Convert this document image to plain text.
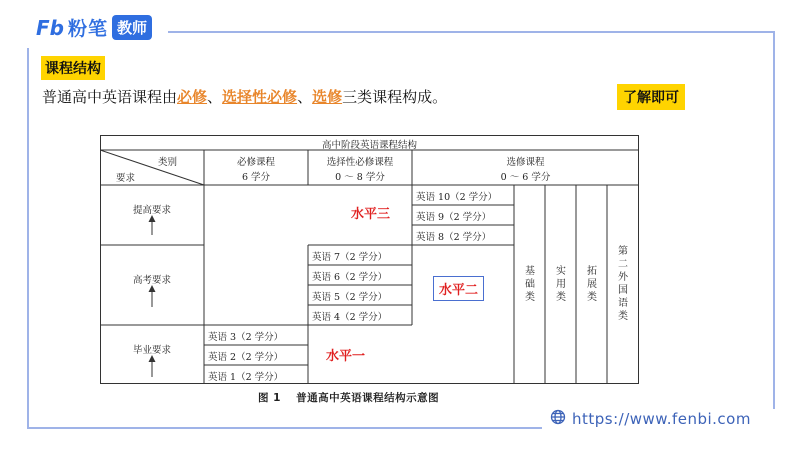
Fb 粉笔 教师
课程结构
普通高中英语课程由必修、选择性必修、选修三类课程构成。	了解即可
高中阶段英语课程结构
类别
要求
必修课程
6 学分
选择性必修课程
0 ～ 8 学分
选修课程
0 ～ 6 学分
提高要求
高考要求
毕业要求
英语 10（2 学分）
英语 9（2 学分）
英语 8（2 学分）
英语 7（2 学分）
英语 6（2 学分）
英语 5（2 学分）
英语 4（2 学分）
英语 3（2 学分）
英语 2（2 学分）
英语 1（2 学分）
基础类
实用类
拓展类
第二外国语类
水平三
水平二
水平一
图 1　 普通高中英语课程结构示意图
https://www.fenbi.com
